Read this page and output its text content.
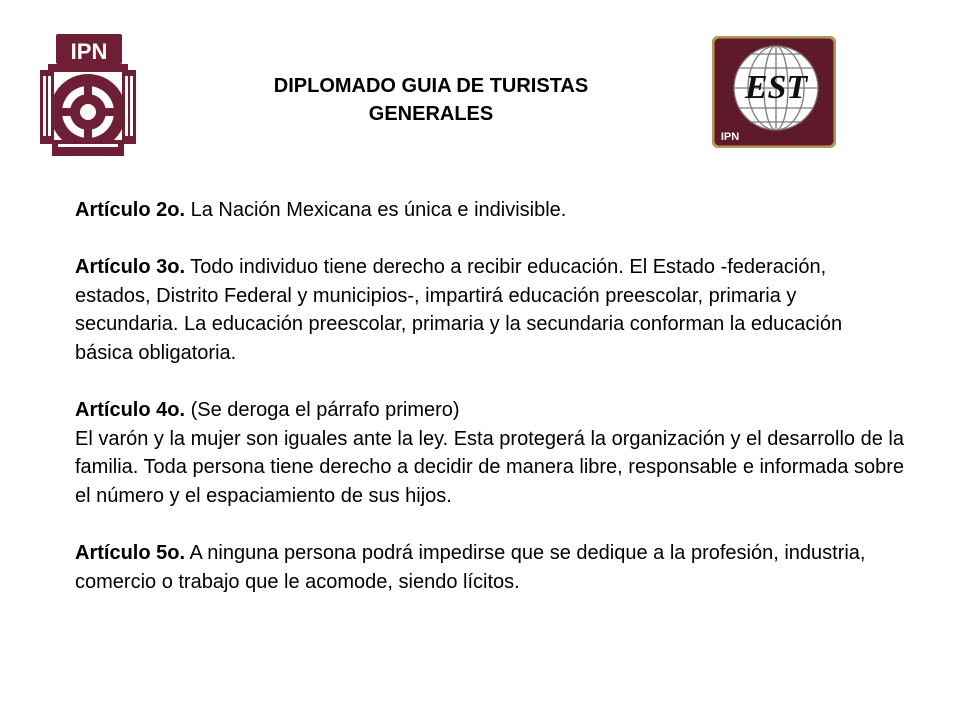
IPN
DIPLOMADO GUIA DE TURISTAS
GENERALES
EST
IPN

Artículo 2o. La Nación Mexicana es única e indivisible.

Artículo 3o. Todo individuo tiene derecho a recibir educación. El Estado -federación, estados, Distrito Federal y municipios-, impartirá educación preescolar, primaria y secundaria. La educación preescolar, primaria y la secundaria conforman la educación básica obligatoria.

Artículo 4o. (Se deroga el párrafo primero)

El varón y la mujer son iguales ante la ley. Esta protegerá la organización y el desarrollo de la familia. Toda persona tiene derecho a decidir de manera libre, responsable e informada sobre el número y el espaciamiento de sus hijos.

Artículo 5o. A ninguna persona podrá impedirse que se dedique a la profesión, industria, comercio o trabajo que le acomode, siendo lícitos.
